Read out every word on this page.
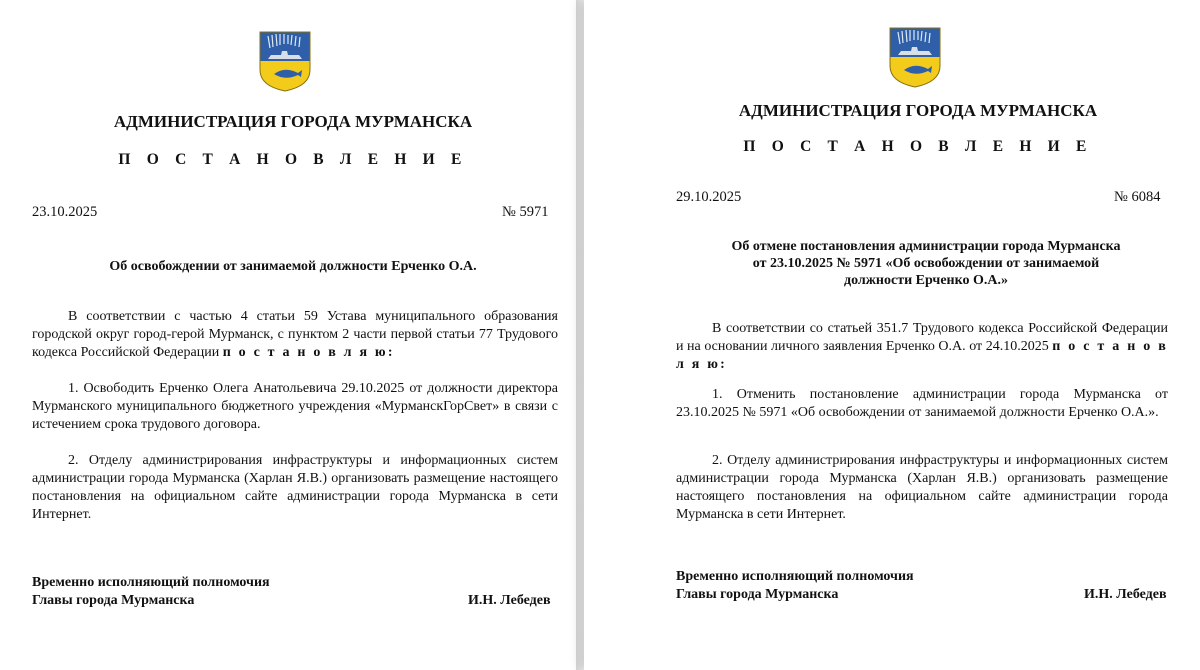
АДМИНИСТРАЦИЯ ГОРОДА МУРМАНСКА
П О С Т А Н О В Л Е Н И Е
23.10.2025	№ 5971
Об освобождении от занимаемой должности Ерченко О.А.
В соответствии с частью 4 статьи 59 Устава муниципального образования городской округ город-герой Мурманск, с пунктом 2 части первой статьи 77 Трудового кодекса Российской Федерации п о с т а н о в л я ю:
1. Освободить Ерченко Олега Анатольевича 29.10.2025 от должности директора Мурманского муниципального бюджетного учреждения «МурманскГорСвет» в связи с истечением срока трудового договора.
2. Отделу администрирования инфраструктуры и информационных систем администрации города Мурманска (Харлан Я.В.) организовать размещение настоящего постановления на официальном сайте администрации города Мурманска в сети Интернет.
Временно исполняющий полномочия
Главы города Мурманска	И.Н. Лебедев
АДМИНИСТРАЦИЯ ГОРОДА МУРМАНСКА
П О С Т А Н О В Л Е Н И Е
29.10.2025	№ 6084
Об отмене постановления администрации города Мурманска
от 23.10.2025 № 5971 «Об освобождении от занимаемой
должности Ерченко О.А.»
В соответствии со статьей 351.7 Трудового кодекса Российской Федерации и на основании личного заявления Ерченко О.А. от 24.10.2025 п о с т а н о в л я ю:
1. Отменить постановление администрации города Мурманска от 23.10.2025 № 5971 «Об освобождении от занимаемой должности Ерченко О.А.».
2. Отделу администрирования инфраструктуры и информационных систем администрации города Мурманска (Харлан Я.В.) организовать размещение настоящего постановления на официальном сайте администрации города Мурманска в сети Интернет.
Временно исполняющий полномочия
Главы города Мурманска	И.Н. Лебедев
